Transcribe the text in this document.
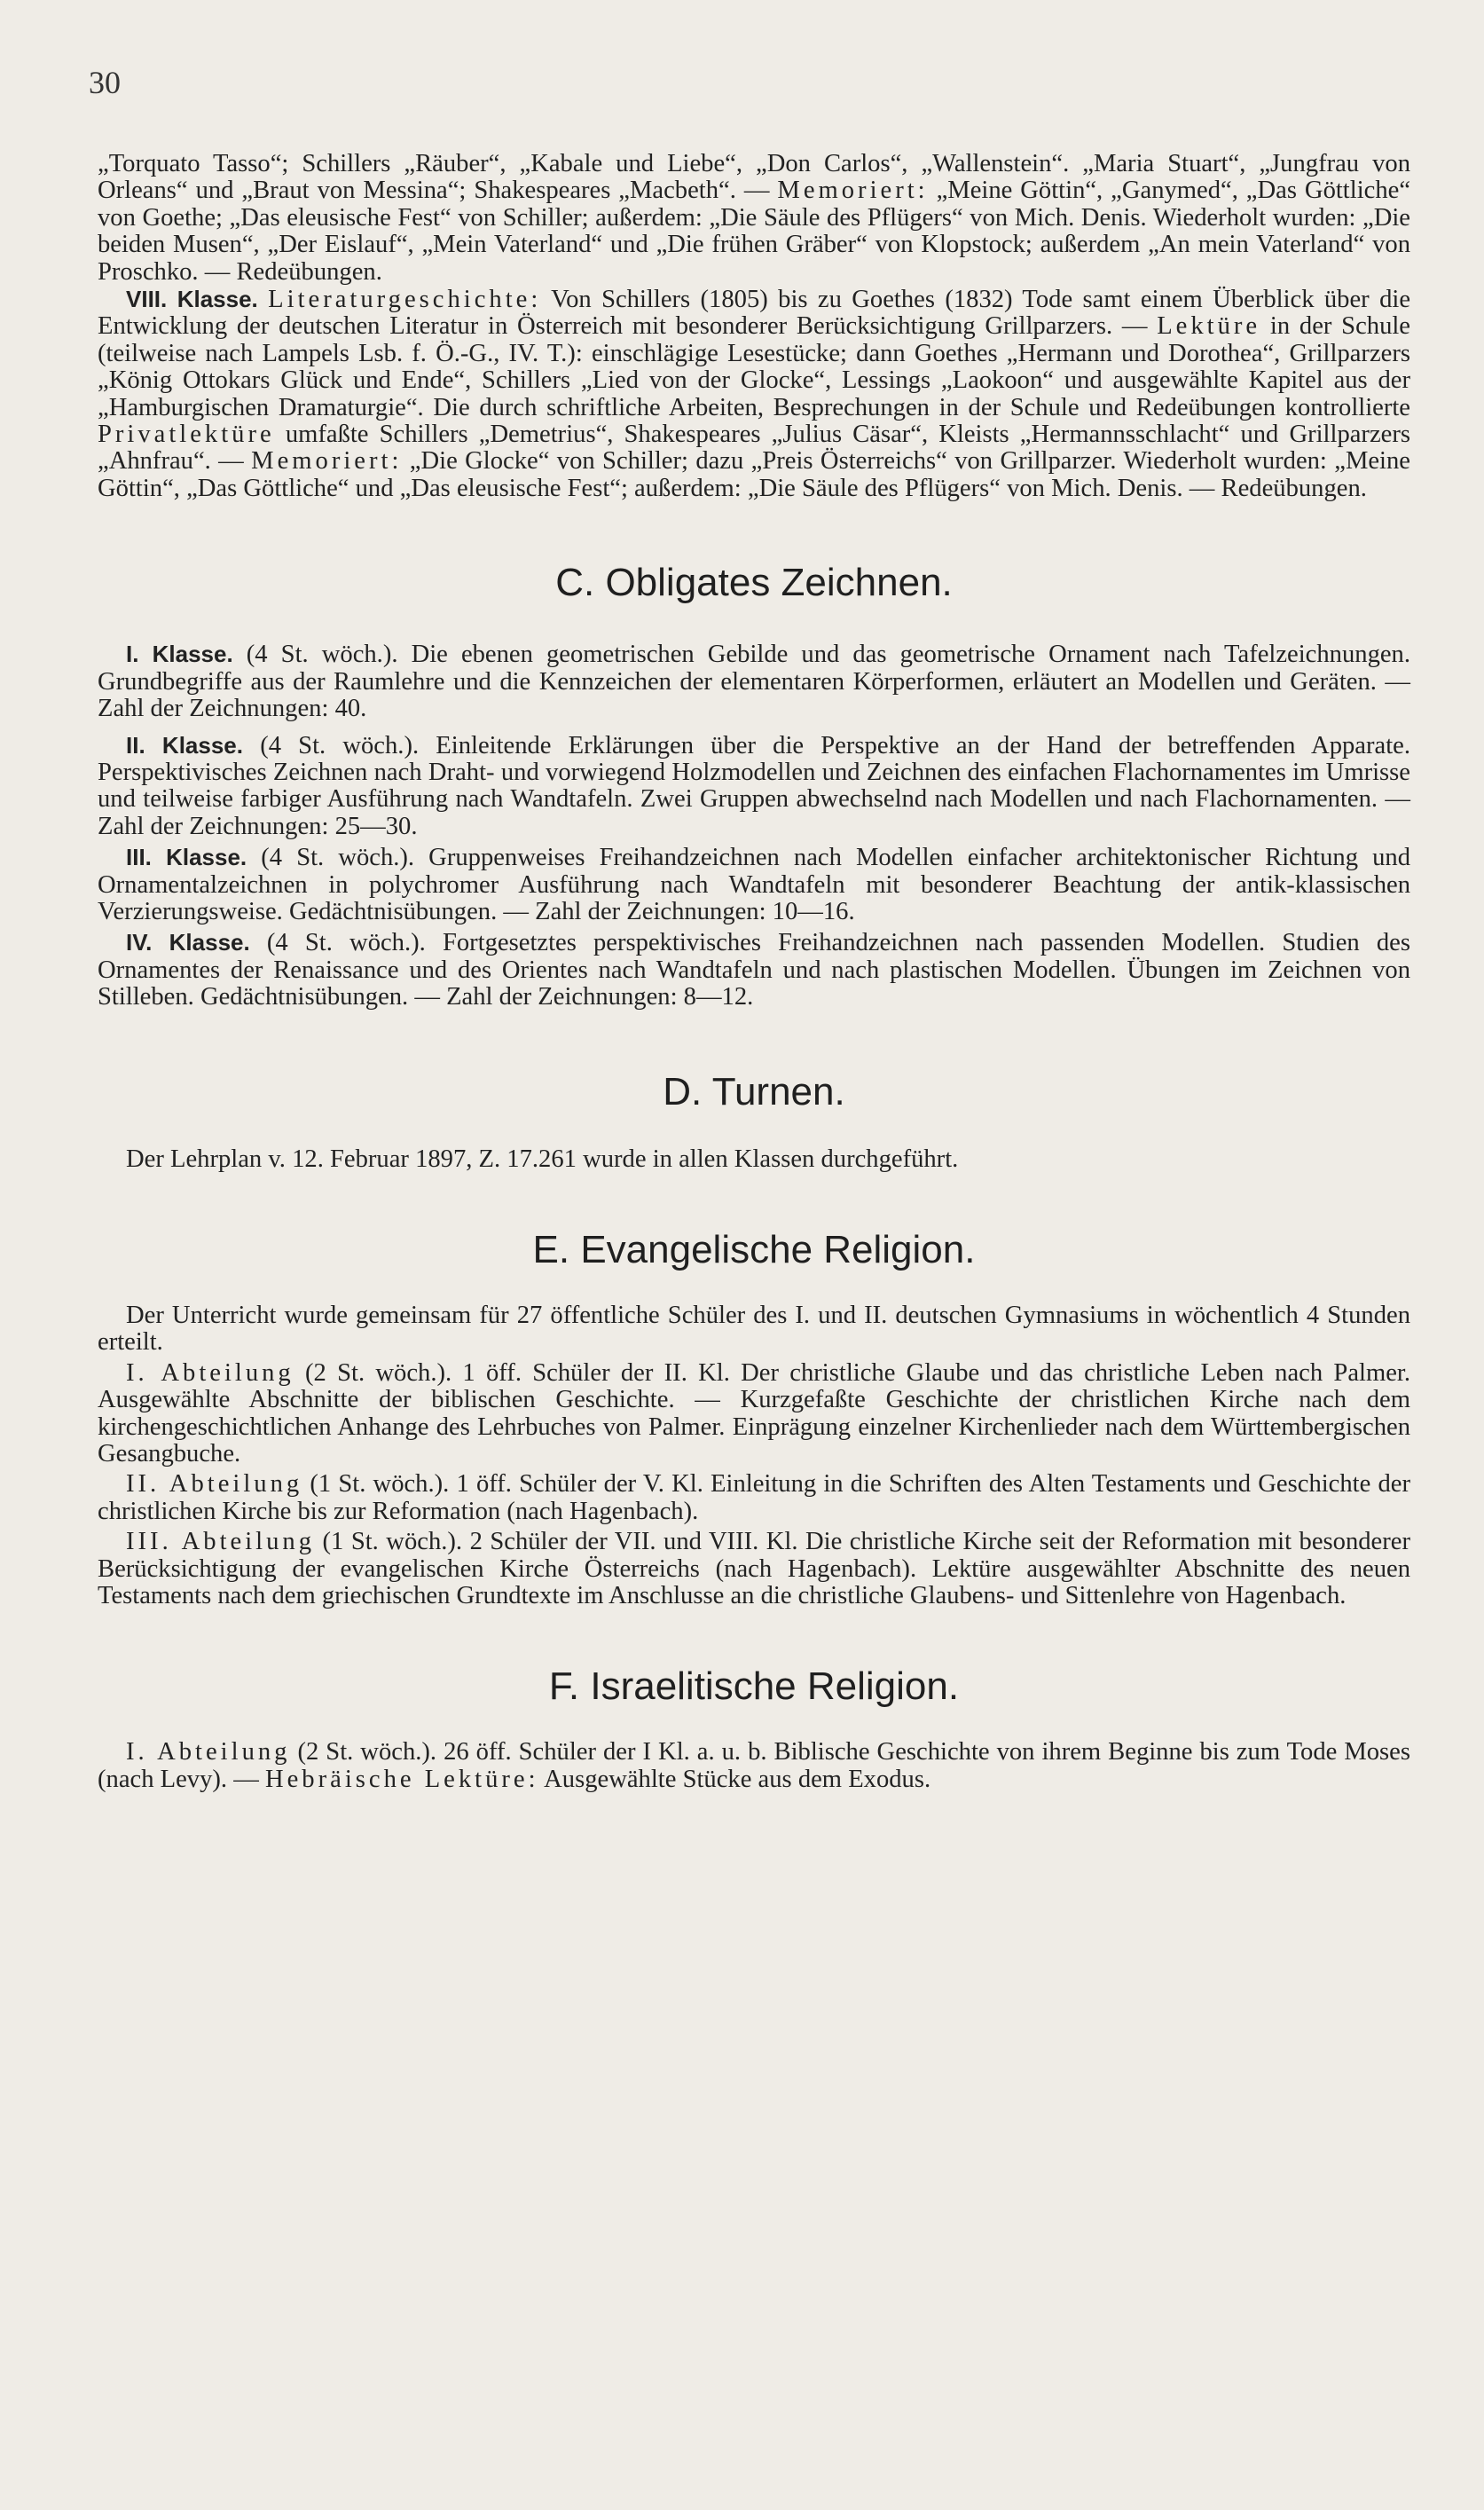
30

„Torquato Tasso“; Schillers „Räuber“, „Kabale und Liebe“, „Don Carlos“, „Wallenstein“. „Maria Stuart“, „Jungfrau von Orleans“ und „Braut von Messina“; Shakespeares „Macbeth“. — Memoriert: „Meine Göttin“, „Ganymed“, „Das Göttliche“ von Goethe; „Das eleusische Fest“ von Schiller; außerdem: „Die Säule des Pflügers“ von Mich. Denis. Wiederholt wurden: „Die beiden Musen“, „Der Eislauf“, „Mein Vaterland“ und „Die frühen Gräber“ von Klopstock; außerdem „An mein Vaterland“ von Proschko. — Redeübungen.

VIII. Klasse. Literaturgeschichte: Von Schillers (1805) bis zu Goethes (1832) Tode samt einem Überblick über die Entwicklung der deutschen Literatur in Österreich mit besonderer Berücksichtigung Grillparzers. — Lektüre in der Schule (teilweise nach Lampels Lsb. f. Ö.-G., IV. T.): einschlägige Lesestücke; dann Goethes „Hermann und Dorothea“, Grillparzers „König Ottokars Glück und Ende“, Schillers „Lied von der Glocke“, Lessings „Laokoon“ und ausgewählte Kapitel aus der „Hamburgischen Dramaturgie“. Die durch schriftliche Arbeiten, Besprechungen in der Schule und Redeübungen kontrollierte Privatlektüre umfaßte Schillers „Demetrius“, Shakespeares „Julius Cäsar“, Kleists „Hermannsschlacht“ und Grillparzers „Ahnfrau“. — Memoriert: „Die Glocke“ von Schiller; dazu „Preis Österreichs“ von Grillparzer. Wiederholt wurden: „Meine Göttin“, „Das Göttliche“ und „Das eleusische Fest“; außerdem: „Die Säule des Pflügers“ von Mich. Denis. — Redeübungen.

C. Obligates Zeichnen.

I. Klasse. (4 St. wöch.). Die ebenen geometrischen Gebilde und das geometrische Ornament nach Tafelzeichnungen. Grundbegriffe aus der Raumlehre und die Kennzeichen der elementaren Körperformen, erläutert an Modellen und Geräten. — Zahl der Zeichnungen: 40.

II. Klasse. (4 St. wöch.). Einleitende Erklärungen über die Perspektive an der Hand der betreffenden Apparate. Perspektivisches Zeichnen nach Draht- und vorwiegend Holzmodellen und Zeichnen des einfachen Flachornamentes im Umrisse und teilweise farbiger Ausführung nach Wandtafeln. Zwei Gruppen abwechselnd nach Modellen und nach Flachornamenten. — Zahl der Zeichnungen: 25—30.

III. Klasse. (4 St. wöch.). Gruppenweises Freihandzeichnen nach Modellen einfacher architektonischer Richtung und Ornamentalzeichnen in polychromer Ausführung nach Wandtafeln mit besonderer Beachtung der antik-klassischen Verzierungsweise. Gedächtnisübungen. — Zahl der Zeichnungen: 10—16.

IV. Klasse. (4 St. wöch.). Fortgesetztes perspektivisches Freihandzeichnen nach passenden Modellen. Studien des Ornamentes der Renaissance und des Orientes nach Wandtafeln und nach plastischen Modellen. Übungen im Zeichnen von Stilleben. Gedächtnisübungen. — Zahl der Zeichnungen: 8—12.

D. Turnen.

Der Lehrplan v. 12. Februar 1897, Z. 17.261 wurde in allen Klassen durchgeführt.

E. Evangelische Religion.

Der Unterricht wurde gemeinsam für 27 öffentliche Schüler des I. und II. deutschen Gymnasiums in wöchentlich 4 Stunden erteilt.

I. Abteilung (2 St. wöch.). 1 öff. Schüler der II. Kl. Der christliche Glaube und das christliche Leben nach Palmer. Ausgewählte Abschnitte der biblischen Geschichte. — Kurzgefaßte Geschichte der christlichen Kirche nach dem kirchengeschichtlichen Anhange des Lehrbuches von Palmer. Einprägung einzelner Kirchenlieder nach dem Württembergischen Gesangbuche.

II. Abteilung (1 St. wöch.). 1 öff. Schüler der V. Kl. Einleitung in die Schriften des Alten Testaments und Geschichte der christlichen Kirche bis zur Reformation (nach Hagenbach).

III. Abteilung (1 St. wöch.). 2 Schüler der VII. und VIII. Kl. Die christliche Kirche seit der Reformation mit besonderer Berücksichtigung der evangelischen Kirche Österreichs (nach Hagenbach). Lektüre ausgewählter Abschnitte des neuen Testaments nach dem griechischen Grundtexte im Anschlusse an die christliche Glaubens- und Sittenlehre von Hagenbach.

F. Israelitische Religion.

I. Abteilung (2 St. wöch.). 26 öff. Schüler der I Kl. a. u. b. Biblische Geschichte von ihrem Beginne bis zum Tode Moses (nach Levy). — Hebräische Lektüre: Ausgewählte Stücke aus dem Exodus.
